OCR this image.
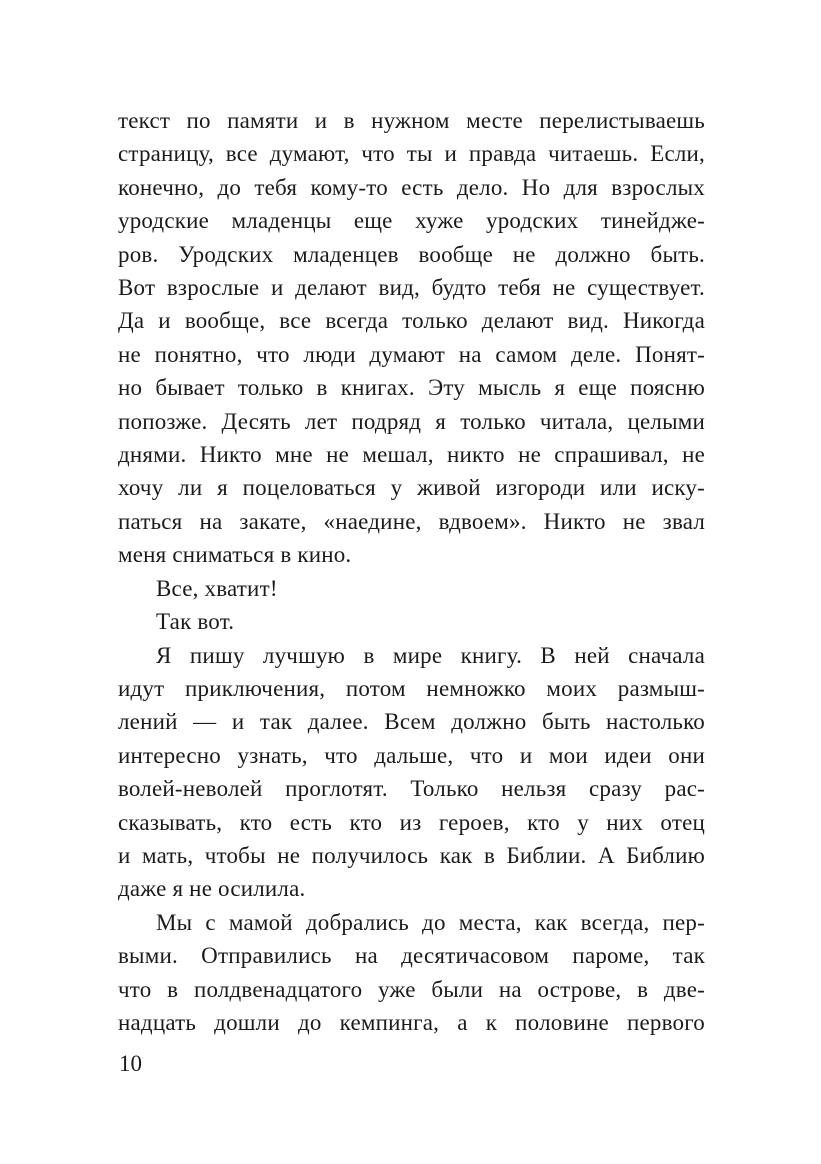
текст по памяти и в нужном месте перелистываешь
страницу, все думают, что ты и правда читаешь. Если,
конечно, до тебя кому-то есть дело. Но для взрослых
уродские младенцы еще хуже уродских тинейдже-
ров. Уродских младенцев вообще не должно быть.
Вот взрослые и делают вид, будто тебя не существует.
Да и вообще, все всегда только делают вид. Никогда
не понятно, что люди думают на самом деле. Понят-
но бывает только в книгах. Эту мысль я еще поясню
попозже. Десять лет подряд я только читала, целыми
днями. Никто мне не мешал, никто не спрашивал, не
хочу ли я поцеловаться у живой изгороди или иску-
паться на закате, «наедине, вдвоем». Никто не звал
меня сниматься в кино.
Все, хватит!
Так вот.
Я пишу лучшую в мире книгу. В ней сначала
идут приключения, потом немножко моих размыш-
лений — и так далее. Всем должно быть настолько
интересно узнать, что дальше, что и мои идеи они
волей-неволей проглотят. Только нельзя сразу рас-
сказывать, кто есть кто из героев, кто у них отец
и мать, чтобы не получилось как в Библии. А Библию
даже я не осилила.
Мы с мамой добрались до места, как всегда, пер-
выми. Отправились на десятичасовом пароме, так
что в полдвенадцатого уже были на острове, в две-
надцать дошли до кемпинга, а к половине первого
10
